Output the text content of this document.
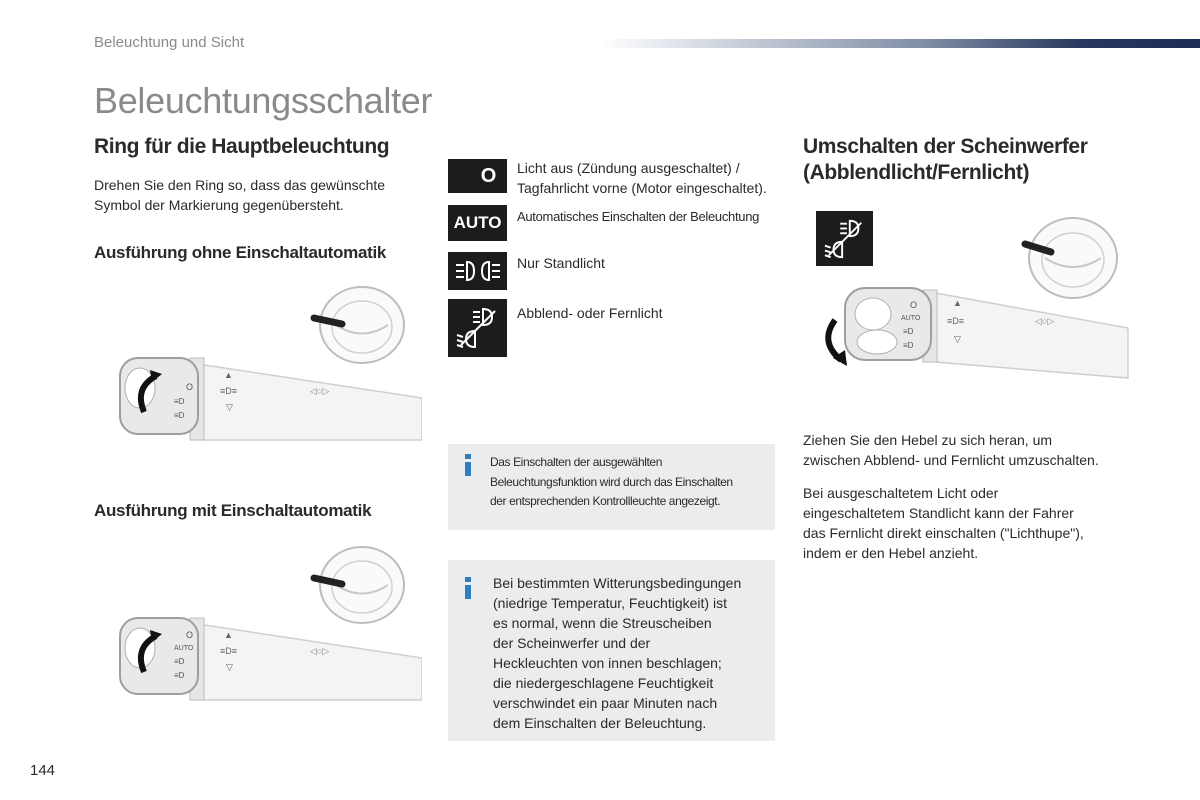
Beleuchtung und Sicht
Beleuchtungsschalter
Ring für die Hauptbeleuchtung
Drehen Sie den Ring so, dass das gewünschte
Symbol der Markierung gegenübersteht.
Ausführung ohne Einschaltautomatik
O
≡D
≡D
▲
≡D≡
▽
◁○▷
Ausführung mit Einschaltautomatik
O
AUTO
≡D
≡D
▲
≡D≡
▽
◁○▷
O Licht aus (Zündung ausgeschaltet) /
Tagfahrlicht vorne (Motor eingeschaltet).
AUTO Automatisches Einschalten der Beleuchtung
Nur Standlicht
Abblend- oder Fernlicht
Das Einschalten der ausgewählten
Beleuchtungsfunktion wird durch das Einschalten
der entsprechenden Kontrollleuchte angezeigt.
Bei bestimmten Witterungsbedingungen
(niedrige Temperatur, Feuchtigkeit) ist
es normal, wenn die Streuscheiben
der Scheinwerfer und der
Heckleuchten von innen beschlagen;
die niedergeschlagene Feuchtigkeit
verschwindet ein paar Minuten nach
dem Einschalten der Beleuchtung.
Umschalten der Scheinwerfer
(Abblendlicht/Fernlicht)
O
AUTO
≡D
≡D
▲
≡D≡
▽
◁○▷
Ziehen Sie den Hebel zu sich heran, um
zwischen Abblend- und Fernlicht umzuschalten.
Bei ausgeschaltetem Licht oder
eingeschaltetem Standlicht kann der Fahrer
das Fernlicht direkt einschalten ("Lichthupe"),
indem er den Hebel anzieht.
144
